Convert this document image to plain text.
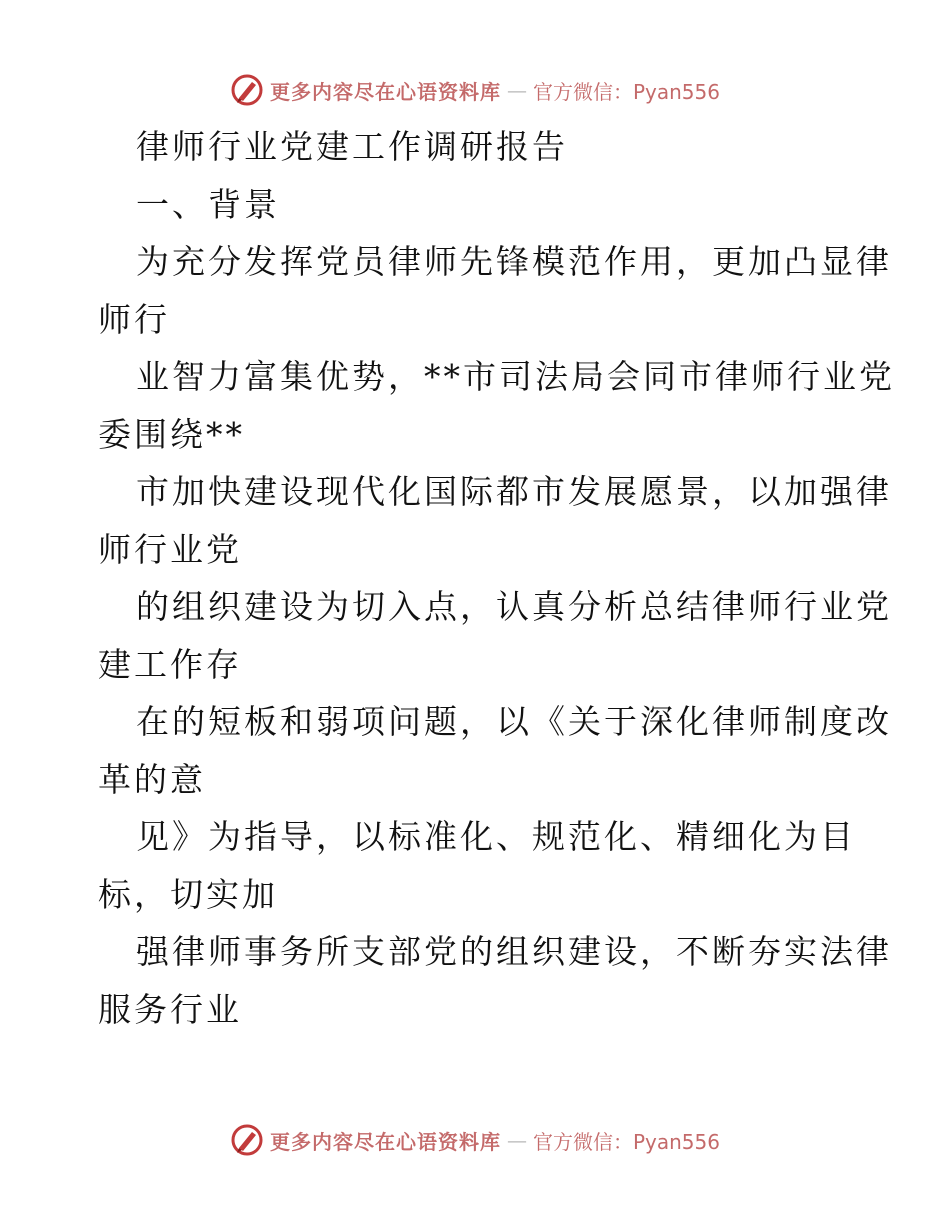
更多内容尽在心语资料库 — 官方微信：Pyan556
律师行业党建工作调研报告
一、背景
为充分发挥党员律师先锋模范作用，更加凸显律
师行
业智力富集优势，**市司法局会同市律师行业党
委围绕**
市加快建设现代化国际都市发展愿景，以加强律
师行业党
的组织建设为切入点，认真分析总结律师行业党
建工作存
在的短板和弱项问题，以《关于深化律师制度改
革的意
见》为指导，以标准化、规范化、精细化为目
标，切实加
强律师事务所支部党的组织建设，不断夯实法律
服务行业
更多内容尽在心语资料库 — 官方微信：Pyan556
